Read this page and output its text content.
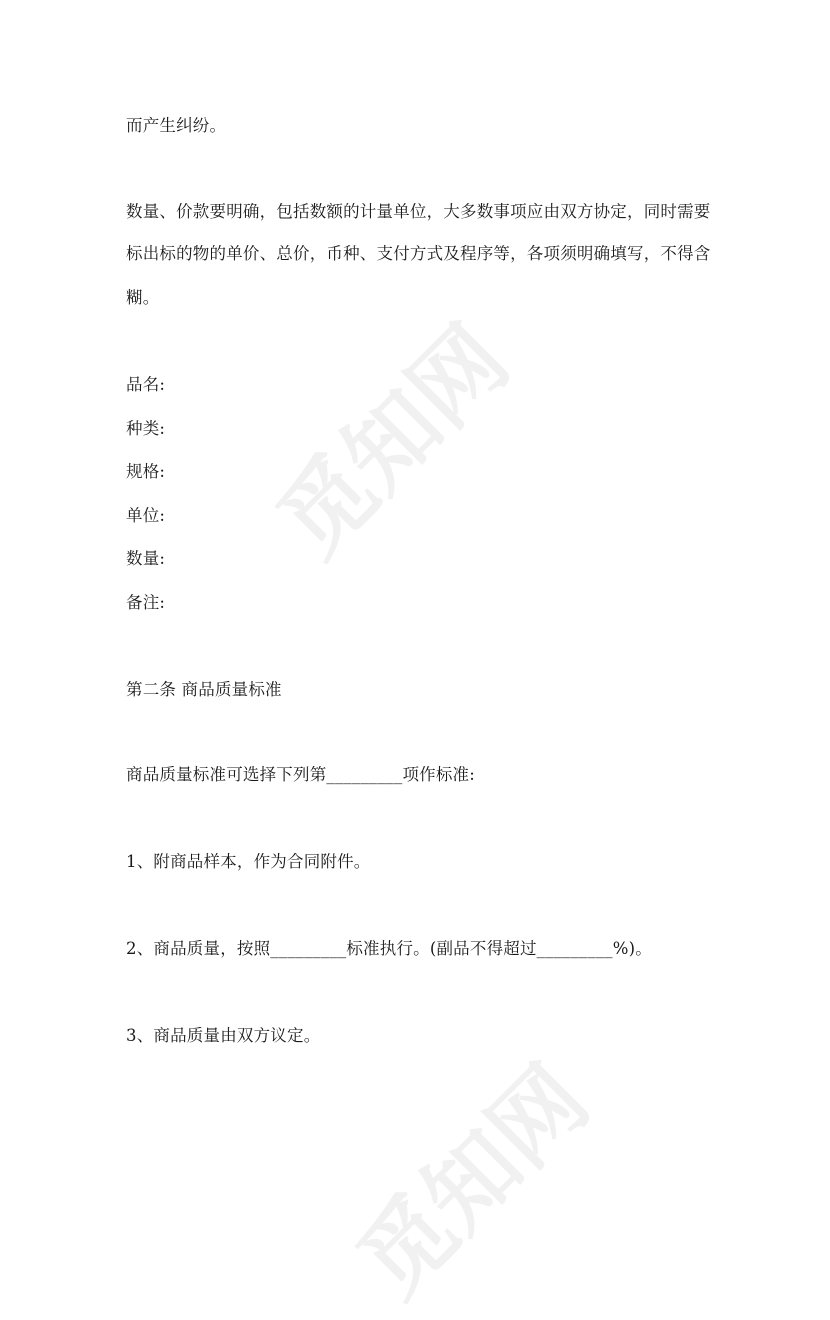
觅知网
觅知网
而产生纠纷。
数量、价款要明确，包括数额的计量单位，大多数事项应由双方协定，同时需要
标出标的物的单价、总价，币种、支付方式及程序等，各项须明确填写，不得含
糊。
品名:
种类:
规格:
单位:
数量:
备注:
第二条 商品质量标准
商品质量标准可选择下列第_________项作标准:
1、附商品样本，作为合同附件。
2、商品质量，按照_________标准执行。(副品不得超过_________%)。
3、商品质量由双方议定。
